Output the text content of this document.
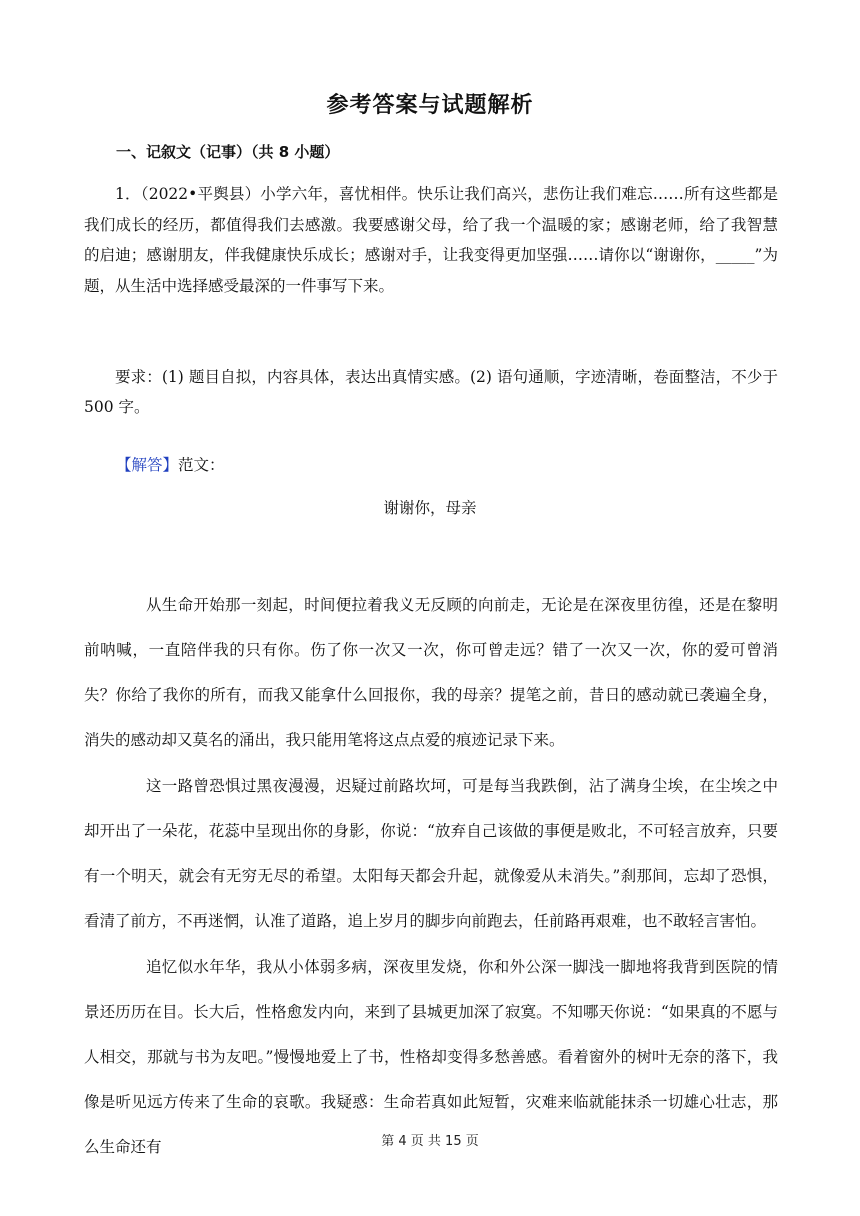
参考答案与试题解析
一、记叙文（记事）（共 8 小题）

1．（2022•平舆县）小学六年，喜忧相伴。快乐让我们高兴，悲伤让我们难忘……所有这些都是我们成长的经历，都值得我们去感激。我要感谢父母，给了我一个温暖的家；感谢老师，给了我智慧的启迪；感谢朋友，伴我健康快乐成长；感谢对手，让我变得更加坚强……请你以“谢谢你，_____”为题，从生活中选择感受最深的一件事写下来。

要求：(1) 题目自拟，内容具体，表达出真情实感。(2) 语句通顺，字迹清晰，卷面整洁，不少于 500 字。

【解答】范文：
谢谢你，母亲

从生命开始那一刻起，时间便拉着我义无反顾的向前走，无论是在深夜里彷徨，还是在黎明前呐喊，一直陪伴我的只有你。伤了你一次又一次，你可曾走远？错了一次又一次，你的爱可曾消失？你给了我你的所有，而我又能拿什么回报你，我的母亲？提笔之前，昔日的感动就已袭遍全身，消失的感动却又莫名的涌出，我只能用笔将这点点爱的痕迹记录下来。

这一路曾恐惧过黑夜漫漫，迟疑过前路坎坷，可是每当我跌倒，沾了满身尘埃，在尘埃之中却开出了一朵花，花蕊中呈现出你的身影，你说：“放弃自己该做的事便是败北，不可轻言放弃，只要有一个明天，就会有无穷无尽的希望。太阳每天都会升起，就像爱从未消失。”刹那间，忘却了恐惧，看清了前方，不再迷惘，认准了道路，追上岁月的脚步向前跑去，任前路再艰难，也不敢轻言害怕。

追忆似水年华，我从小体弱多病，深夜里发烧，你和外公深一脚浅一脚地将我背到医院的情景还历历在目。长大后，性格愈发内向，来到了县城更加深了寂寞。不知哪天你说：“如果真的不愿与人相交，那就与书为友吧。”慢慢地爱上了书，性格却变得多愁善感。看着窗外的树叶无奈的落下，我像是听见远方传来了生命的哀歌。我疑惑：生命若真如此短暂，灾难来临就能抹杀一切雄心壮志，那么生命还有	第 4 页 共 15 页
